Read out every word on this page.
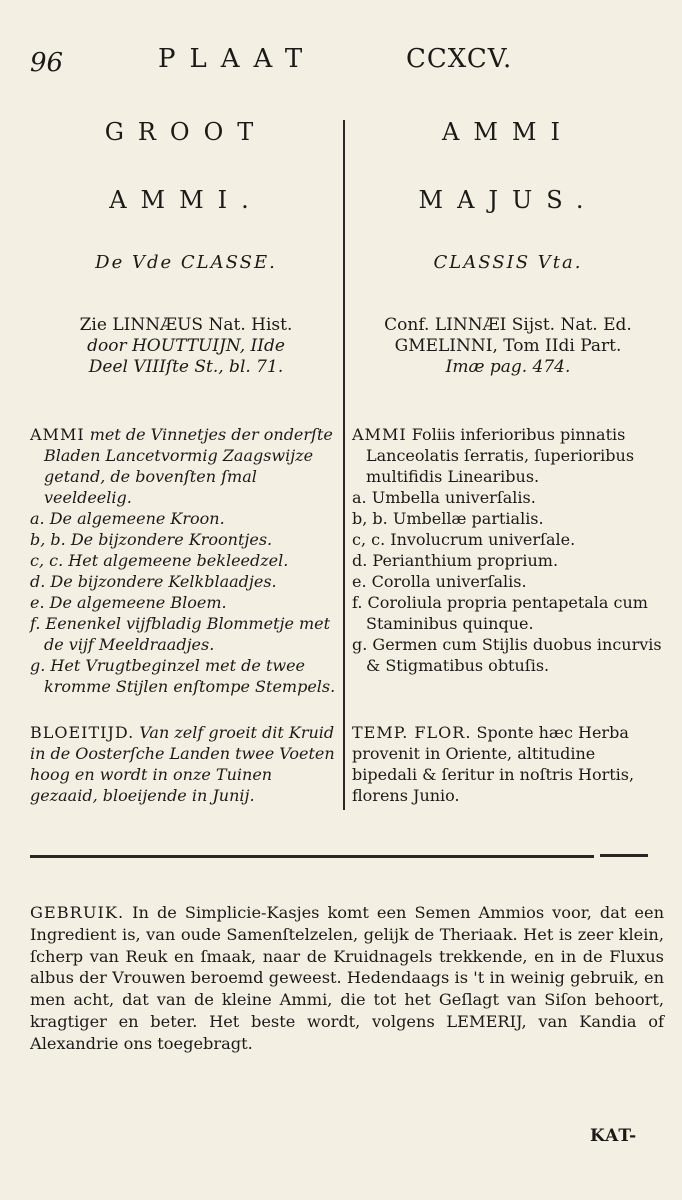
96	PLAAT	CCXCV.
GROOT
AMMI.
De Vde CLASSE.
Zie LINNÆUS Nat. Hist.
door HOUTTUIJN, IIde
Deel VIIIſte St., bl. 71.

AMMI met de Vinnetjes der onderſte Bladen Lancetvormig Zaagswijze getand, de bovenſten ſmal veeldeelig.

a. De algemeene Kroon.

b, b. De bijzondere Kroontjes.

c, c. Het algemeene bekleedzel.

d. De bijzondere Kelkblaadjes.

e. De algemeene Bloem.

f. Eenenkel vijfbladig Blommetje met de vijf Meeldraadjes.

g. Het Vrugtbeginzel met de twee kromme Stijlen enſtompe Stempels.

BLOEITIJD. Van zelf groeit dit Kruid in de Oosterſche Landen twee Voeten hoog en wordt in onze Tuinen gezaaid, bloeijende in Junij.

AMMI
MAJUS.
CLASSIS Vta.
Conf. LINNÆI Sijst. Nat. Ed.
GMELINNI, Tom IIdi Part.
Imæ pag. 474.

AMMI Foliis inferioribus pinnatis Lanceolatis ſerratis, ſuperioribus multifidis Linearibus.

a. Umbella univerſalis.

b, b. Umbellæ partialis.

c, c. Involucrum univerſale.

d. Perianthium proprium.

e. Corolla univerſalis.

f. Coroliula propria pentapetala cum Staminibus quinque.

g. Germen cum Stijlis duobus incurvis & Stigmatibus obtuſis.

TEMP. FLOR. Sponte hæc Herba provenit in Oriente, altitudine bipedali & ſeritur in noſtris Hortis, florens Junio.

GEBRUIK. In de Simplicie-Kasjes komt een Semen Ammios voor, dat een Ingredient is, van oude Samenſtelzelen, gelijk de Theriaak. Het is zeer klein, ſcherp van Reuk en ſmaak, naar de Kruidnagels trekkende, en in de Fluxus albus der Vrouwen beroemd geweest. Hedendaags is 't in weinig gebruik, en men acht, dat van de kleine Ammi, die tot het Geſlagt van Siſon behoort, kragtiger en beter. Het beste wordt, volgens LEMERIJ, van Kandia of Alexandrie ons toegebragt.
KAT-
